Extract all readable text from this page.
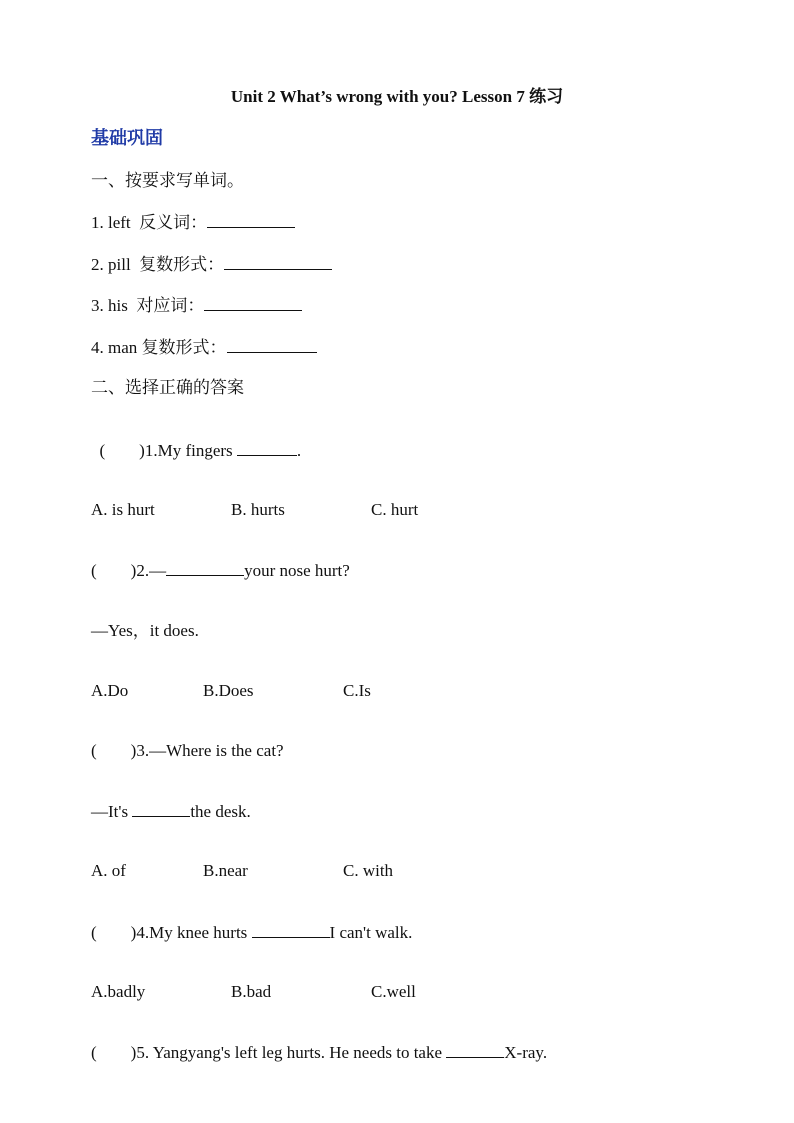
Unit 2 What’s wrong with you? Lesson 7 练习
基础巩固
一、按要求写单词。
1. left  反义词：
2. pill  复数形式：
3. his  对应词：
4. man 复数形式：
二、选择正确的答案
(        )1.My fingers	.
A. is hurt	B. hurts	C. hurt
(        )2.—	your nose hurt?
—Yes，it does.
A.Do	B.Does	C.Is
(        )3.—Where is the cat?
—It's	the desk.
A. of	B.near	C. with
(        )4.My knee hurts	I can't walk.
A.badly	B.bad	C.well
(        )5. Yangyang's left leg hurts. He needs to take	X-ray.
